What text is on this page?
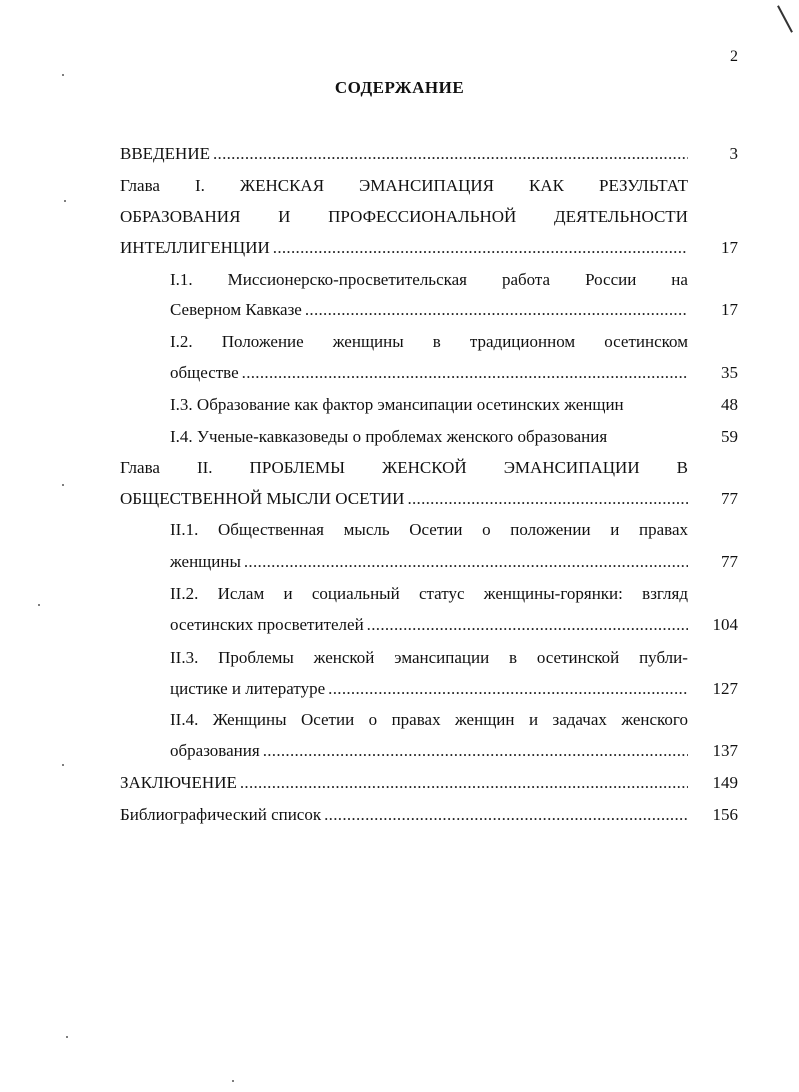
2
СОДЕРЖАНИЕ
ВВЕДЕНИЕ .....	3
Глава I. ЖЕНСКАЯ ЭМАНСИПАЦИЯ КАК РЕЗУЛЬТАТ
ОБРАЗОВАНИЯ И ПРОФЕССИОНАЛЬНОЙ ДЕЯТЕЛЬНОСТИ
ИНТЕЛЛИГЕНЦИИ .....	17
I.1. Миссионерско-просветительская работа России на
Северном Кавказе .....	17
I.2. Положение женщины в традиционном осетинском
обществе .....	35
I.3. Образование как фактор эмансипации осетинских женщин	48
I.4. Ученые-кавказоведы о проблемах женского образования	59
Глава II. ПРОБЛЕМЫ ЖЕНСКОЙ ЭМАНСИПАЦИИ В
ОБЩЕСТВЕННОЙ МЫСЛИ ОСЕТИИ .....	77
II.1. Общественная мысль Осетии о положении и правах
женщины .....	77
II.2. Ислам и социальный статус женщины-горянки: взгляд
осетинских просветителей .....	104
II.3. Проблемы женской эмансипации в осетинской публи-
цистике и литературе .....	127
II.4. Женщины Осетии о правах женщин и задачах женского
образования .....	137
ЗАКЛЮЧЕНИЕ .....	149
Библиографический список .....	156
